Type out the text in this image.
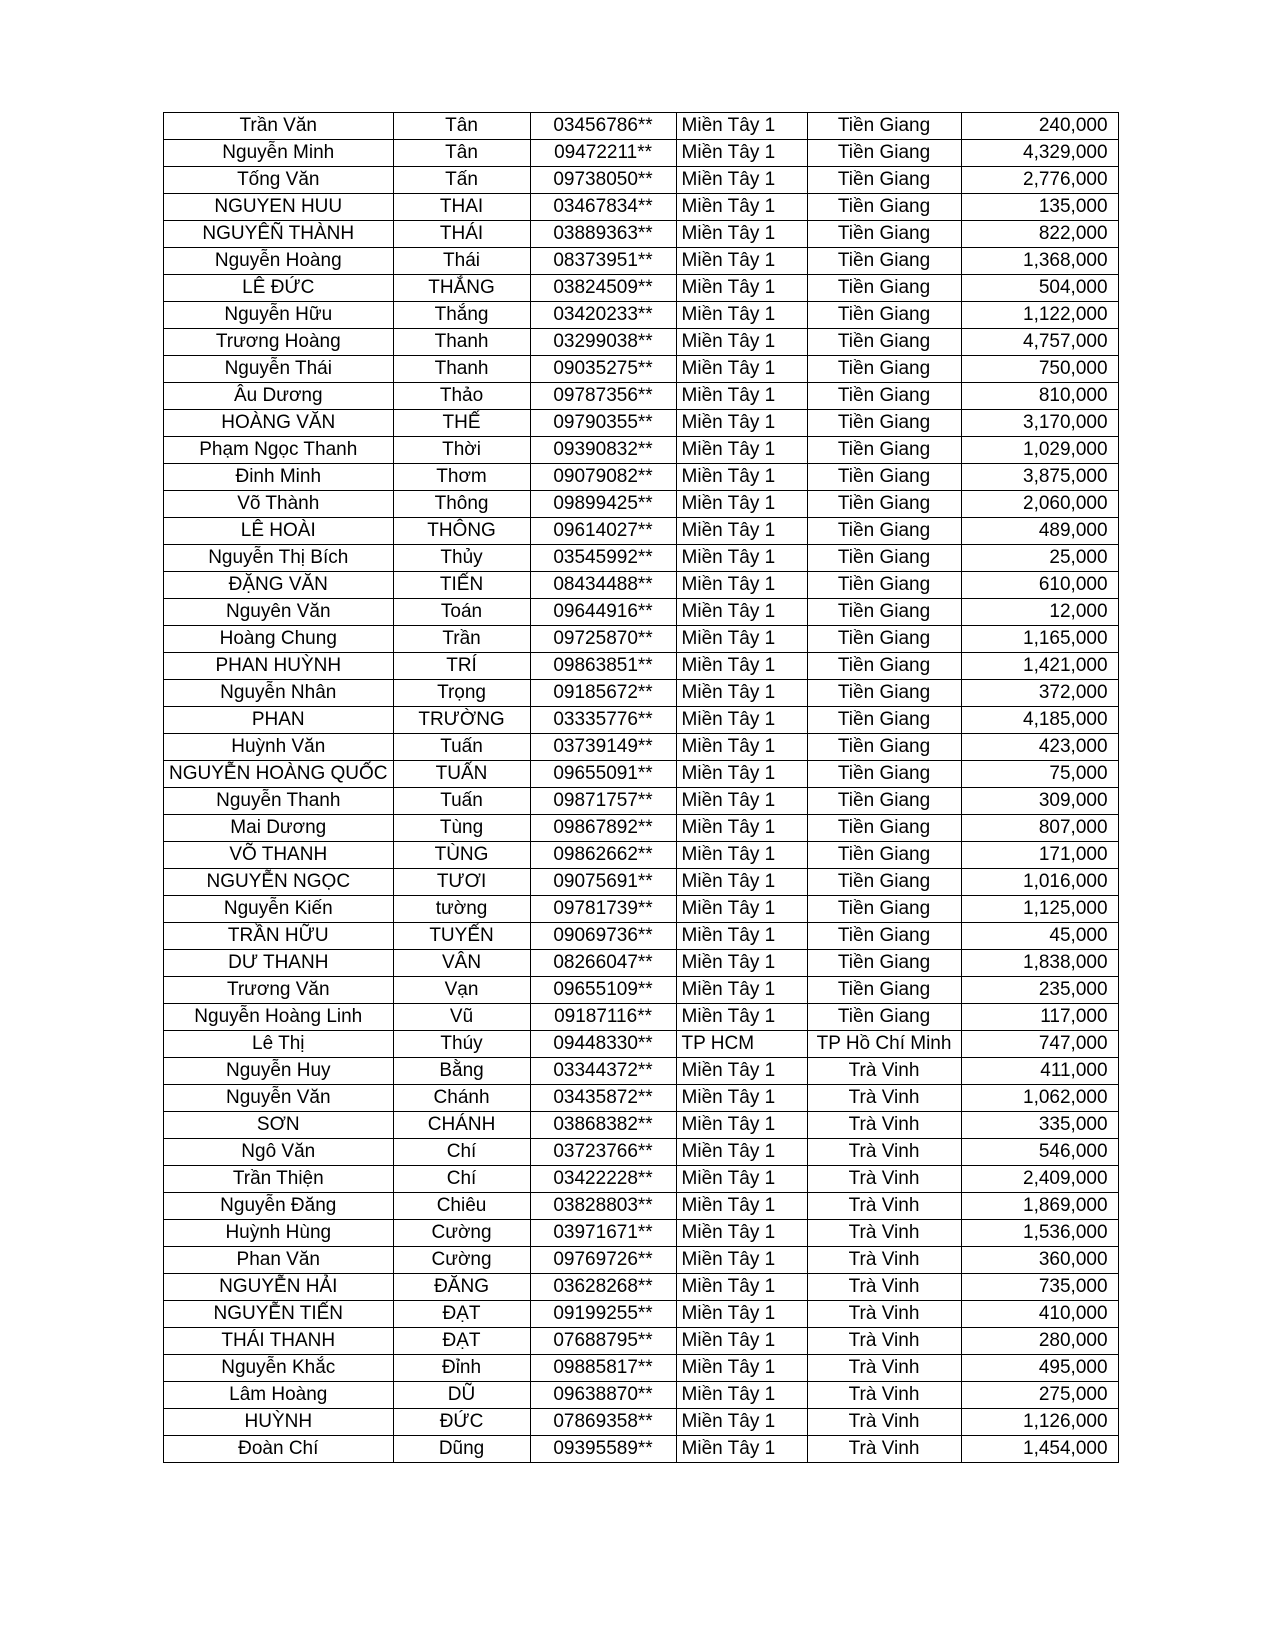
Trần Văn	Tân	03456786**	Miền Tây 1	Tiền Giang	240,000
Nguyễn Minh	Tân	09472211**	Miền Tây 1	Tiền Giang	4,329,000
Tống Văn	Tấn	09738050**	Miền Tây 1	Tiền Giang	2,776,000
NGUYEN HUU	THAI	03467834**	Miền Tây 1	Tiền Giang	135,000
NGUYÊÑ THÀNH	THÁI	03889363**	Miền Tây 1	Tiền Giang	822,000
Nguyễn Hoàng	Thái	08373951**	Miền Tây 1	Tiền Giang	1,368,000
LÊ ĐỨC	THẮNG	03824509**	Miền Tây 1	Tiền Giang	504,000
Nguyễn Hữu	Thắng	03420233**	Miền Tây 1	Tiền Giang	1,122,000
Trương Hoàng	Thanh	03299038**	Miền Tây 1	Tiền Giang	4,757,000
Nguyễn Thái	Thanh	09035275**	Miền Tây 1	Tiền Giang	750,000
Âu Dương	Thảo	09787356**	Miền Tây 1	Tiền Giang	810,000
HOÀNG VĂN	THẾ	09790355**	Miền Tây 1	Tiền Giang	3,170,000
Phạm Ngọc Thanh	Thời	09390832**	Miền Tây 1	Tiền Giang	1,029,000
Đinh Minh	Thơm	09079082**	Miền Tây 1	Tiền Giang	3,875,000
Võ Thành	Thông	09899425**	Miền Tây 1	Tiền Giang	2,060,000
LÊ HOÀI	THÔNG	09614027**	Miền Tây 1	Tiền Giang	489,000
Nguyễn Thị Bích	Thủy	03545992**	Miền Tây 1	Tiền Giang	25,000
ĐẶNG VĂN	TIẾN	08434488**	Miền Tây 1	Tiền Giang	610,000
Nguyên Văn	Toán	09644916**	Miền Tây 1	Tiền Giang	12,000
Hoàng Chung	Trần	09725870**	Miền Tây 1	Tiền Giang	1,165,000
PHAN HUỲNH	TRÍ	09863851**	Miền Tây 1	Tiền Giang	1,421,000
Nguyễn Nhân	Trọng	09185672**	Miền Tây 1	Tiền Giang	372,000
PHAN	TRƯỜNG	03335776**	Miền Tây 1	Tiền Giang	4,185,000
Huỳnh Văn	Tuấn	03739149**	Miền Tây 1	Tiền Giang	423,000
NGUYỄN HOÀNG QUỐC	TUẤN	09655091**	Miền Tây 1	Tiền Giang	75,000
Nguyễn Thanh	Tuấn	09871757**	Miền Tây 1	Tiền Giang	309,000
Mai Dương	Tùng	09867892**	Miền Tây 1	Tiền Giang	807,000
VÕ THANH	TÙNG	09862662**	Miền Tây 1	Tiền Giang	171,000
NGUYỄN NGỌC	TƯƠI	09075691**	Miền Tây 1	Tiền Giang	1,016,000
Nguyễn Kiến	tường	09781739**	Miền Tây 1	Tiền Giang	1,125,000
TRẦN HỮU	TUYẾN	09069736**	Miền Tây 1	Tiền Giang	45,000
DƯ THANH	VÂN	08266047**	Miền Tây 1	Tiền Giang	1,838,000
Trương Văn	Vạn	09655109**	Miền Tây 1	Tiền Giang	235,000
Nguyễn Hoàng Linh	Vũ	09187116**	Miền Tây 1	Tiền Giang	117,000
Lê Thị	Thúy	09448330**	TP HCM	TP Hồ Chí Minh	747,000
Nguyễn Huy	Bằng	03344372**	Miền Tây 1	Trà Vinh	411,000
Nguyễn Văn	Chánh	03435872**	Miền Tây 1	Trà Vinh	1,062,000
SƠN	CHÁNH	03868382**	Miền Tây 1	Trà Vinh	335,000
Ngô Văn	Chí	03723766**	Miền Tây 1	Trà Vinh	546,000
Trần Thiện	Chí	03422228**	Miền Tây 1	Trà Vinh	2,409,000
Nguyễn Đăng	Chiêu	03828803**	Miền Tây 1	Trà Vinh	1,869,000
Huỳnh Hùng	Cường	03971671**	Miền Tây 1	Trà Vinh	1,536,000
Phan Văn	Cường	09769726**	Miền Tây 1	Trà Vinh	360,000
NGUYỄN HẢI	ĐĂNG	03628268**	Miền Tây 1	Trà Vinh	735,000
NGUYỄN TIẾN	ĐẠT	09199255**	Miền Tây 1	Trà Vinh	410,000
THÁI THANH	ĐẠT	07688795**	Miền Tây 1	Trà Vinh	280,000
Nguyễn Khắc	Đỉnh	09885817**	Miền Tây 1	Trà Vinh	495,000
Lâm Hoàng	DŨ	09638870**	Miền Tây 1	Trà Vinh	275,000
HUỲNH	ĐỨC	07869358**	Miền Tây 1	Trà Vinh	1,126,000
Đoàn Chí	Dũng	09395589**	Miền Tây 1	Trà Vinh	1,454,000
